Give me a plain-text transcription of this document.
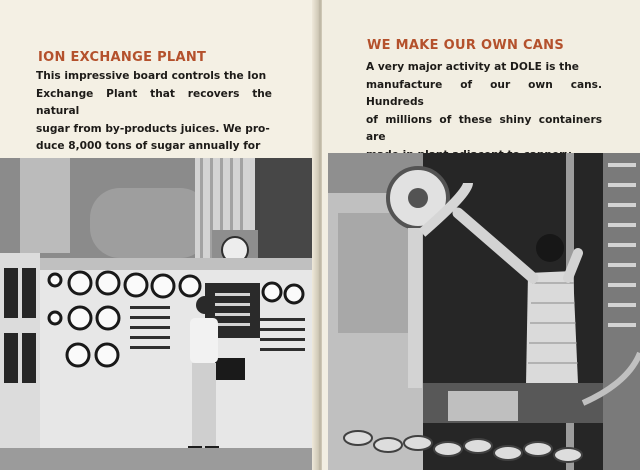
ION EXCHANGE PLANT
This impressive board controls the Ion
Exchange Plant that recovers the natural
sugar from by-products juices. We pro-
duce 8,000 tons of sugar annually for
WE MAKE OUR OWN CANS
A very major activity at DOLE is the
manufacture of our own cans. Hundreds
of millions of these shiny containers are
